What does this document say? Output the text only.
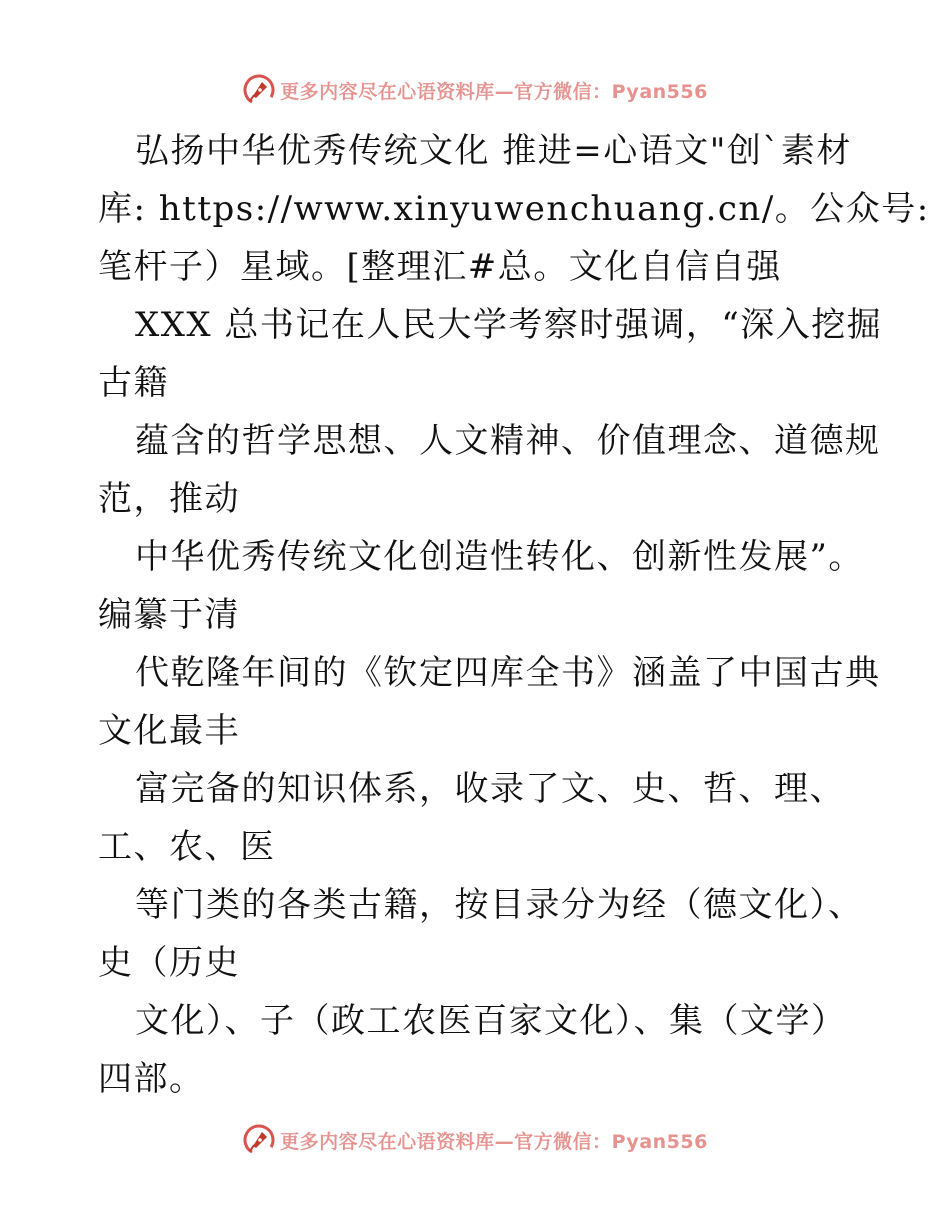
更多内容尽在心语资料库—官方微信：Pyan556
弘扬中华优秀传统文化 推进=心语文"创`素材
库: https://www.xinyuwenchuang.cn/。公众号:
笔杆子）星域。[整理汇#总。文化自信自强
XXX 总书记在人民大学考察时强调，“深入挖掘
古籍
蕴含的哲学思想、人文精神、价值理念、道德规
范，推动
中华优秀传统文化创造性转化、创新性发展”。
编纂于清
代乾隆年间的《钦定四库全书》涵盖了中国古典
文化最丰
富完备的知识体系，收录了文、史、哲、理、
工、农、医
等门类的各类古籍，按目录分为经（德文化）、
史（历史
文化）、子（政工农医百家文化）、集（文学）
四部。
更多内容尽在心语资料库—官方微信：Pyan556
